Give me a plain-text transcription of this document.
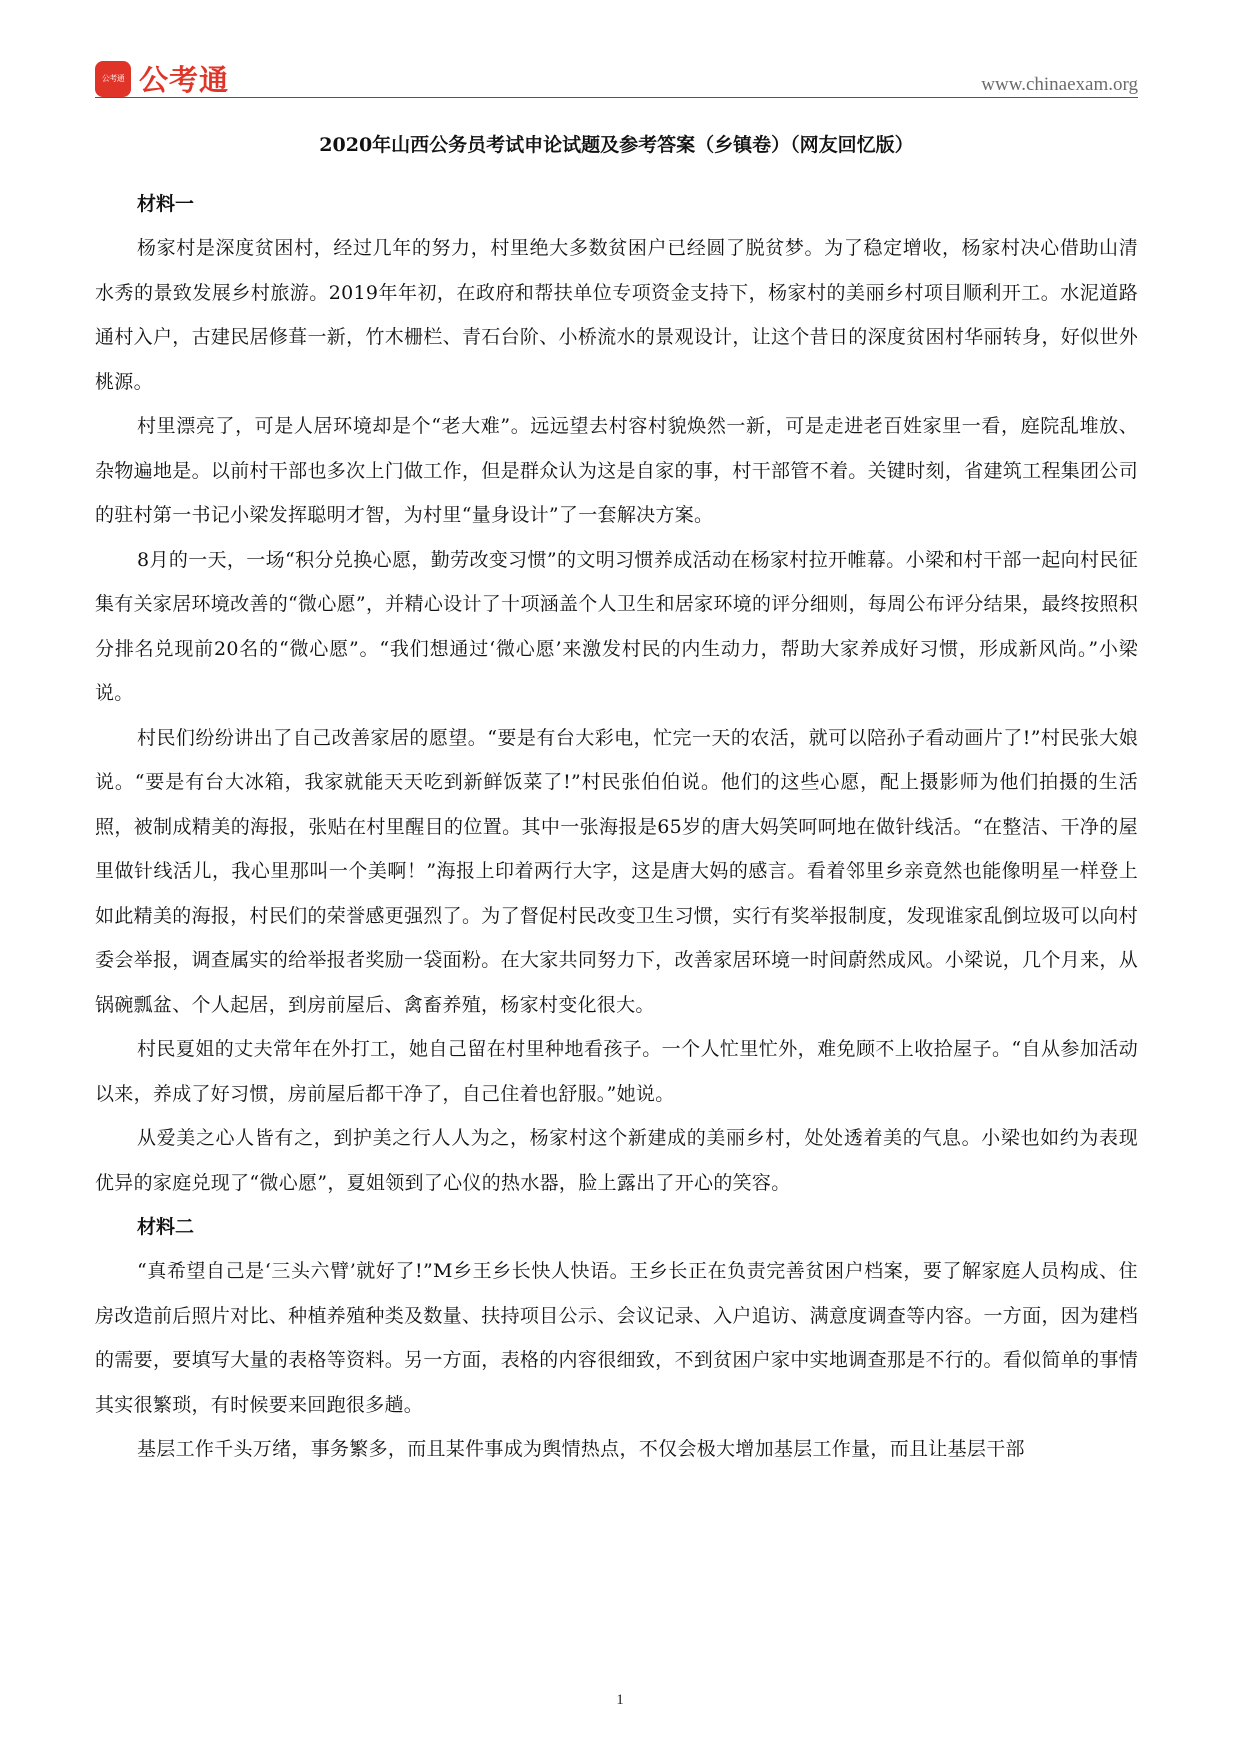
公考通 公考通	www.chinaexam.org
2020年山西公务员考试申论试题及参考答案（乡镇卷）（网友回忆版）
材料一

杨家村是深度贫困村，经过几年的努力，村里绝大多数贫困户已经圆了脱贫梦。为了稳定增收，杨家村决心借助山清水秀的景致发展乡村旅游。2019年年初，在政府和帮扶单位专项资金支持下，杨家村的美丽乡村项目顺利开工。水泥道路通村入户，古建民居修葺一新，竹木栅栏、青石台阶、小桥流水的景观设计，让这个昔日的深度贫困村华丽转身，好似世外桃源。

村里漂亮了，可是人居环境却是个“老大难”。远远望去村容村貌焕然一新，可是走进老百姓家里一看，庭院乱堆放、杂物遍地是。以前村干部也多次上门做工作，但是群众认为这是自家的事，村干部管不着。关键时刻，省建筑工程集团公司的驻村第一书记小梁发挥聪明才智，为村里“量身设计”了一套解决方案。

8月的一天，一场“积分兑换心愿，勤劳改变习惯”的文明习惯养成活动在杨家村拉开帷幕。小梁和村干部一起向村民征集有关家居环境改善的“微心愿”，并精心设计了十项涵盖个人卫生和居家环境的评分细则，每周公布评分结果，最终按照积分排名兑现前20名的“微心愿”。“我们想通过‘微心愿’来激发村民的内生动力，帮助大家养成好习惯，形成新风尚。”小梁说。

村民们纷纷讲出了自己改善家居的愿望。“要是有台大彩电，忙完一天的农活，就可以陪孙子看动画片了!”村民张大娘说。“要是有台大冰箱，我家就能天天吃到新鲜饭菜了!”村民张伯伯说。他们的这些心愿，配上摄影师为他们拍摄的生活照，被制成精美的海报，张贴在村里醒目的位置。其中一张海报是65岁的唐大妈笑呵呵地在做针线活。“在整洁、干净的屋里做针线活儿，我心里那叫一个美啊！”海报上印着两行大字，这是唐大妈的感言。看着邻里乡亲竟然也能像明星一样登上如此精美的海报，村民们的荣誉感更强烈了。为了督促村民改变卫生习惯，实行有奖举报制度，发现谁家乱倒垃圾可以向村委会举报，调查属实的给举报者奖励一袋面粉。在大家共同努力下，改善家居环境一时间蔚然成风。小梁说，几个月来，从锅碗瓢盆、个人起居，到房前屋后、禽畜养殖，杨家村变化很大。

村民夏姐的丈夫常年在外打工，她自己留在村里种地看孩子。一个人忙里忙外，难免顾不上收拾屋子。“自从参加活动以来，养成了好习惯，房前屋后都干净了，自己住着也舒服。”她说。

从爱美之心人皆有之，到护美之行人人为之，杨家村这个新建成的美丽乡村，处处透着美的气息。小梁也如约为表现优异的家庭兑现了“微心愿”，夏姐领到了心仪的热水器，脸上露出了开心的笑容。

材料二

“真希望自己是‘三头六臂’就好了!”M乡王乡长快人快语。王乡长正在负责完善贫困户档案，要了解家庭人员构成、住房改造前后照片对比、种植养殖种类及数量、扶持项目公示、会议记录、入户追访、满意度调查等内容。一方面，因为建档的需要，要填写大量的表格等资料。另一方面，表格的内容很细致，不到贫困户家中实地调查那是不行的。看似简单的事情其实很繁琐，有时候要来回跑很多趟。

基层工作千头万绪，事务繁多，而且某件事成为舆情热点，不仅会极大增加基层工作量，而且让基层干部

1
